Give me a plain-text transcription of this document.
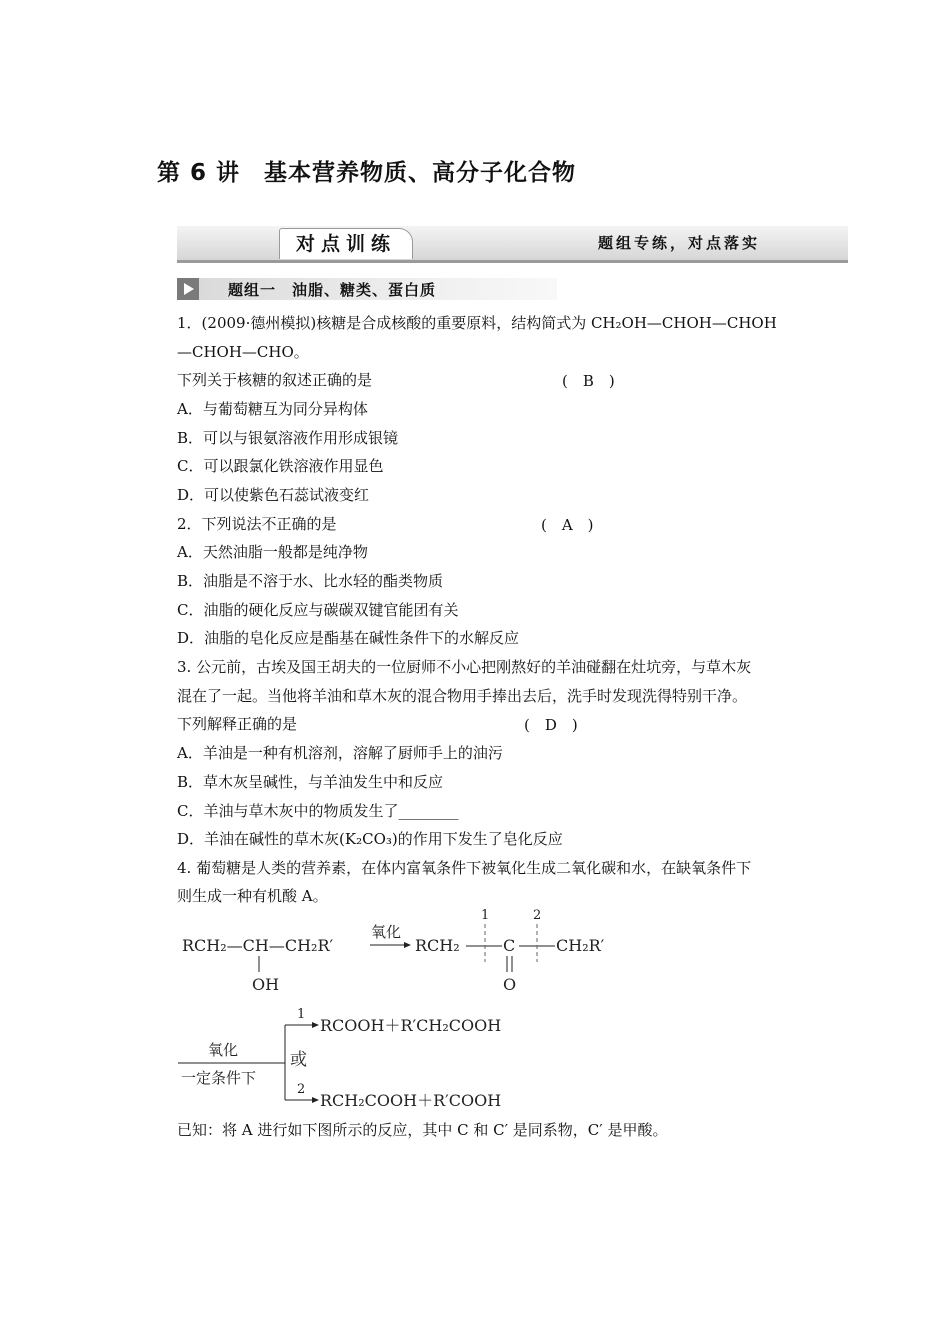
第 6 讲　基本营养物质、高分子化合物
对点训练	题组专练，对点落实
题组一　油脂、糖类、蛋白质
1．(2009·德州模拟)核糖是合成核酸的重要原料，结构简式为 CH₂OH—CHOH—CHOH
—CHOH—CHO。
下列关于核糖的叙述正确的是	(　B　)
A．与葡萄糖互为同分异构体
B．可以与银氨溶液作用形成银镜
C．可以跟氯化铁溶液作用显色
D．可以使紫色石蕊试液变红
2．下列说法不正确的是	(　A　)
A．天然油脂一般都是纯净物
B．油脂是不溶于水、比水轻的酯类物质
C．油脂的硬化反应与碳碳双键官能团有关
D．油脂的皂化反应是酯基在碱性条件下的水解反应
3. 公元前，古埃及国王胡夫的一位厨师不小心把刚熬好的羊油碰翻在灶坑旁，与草木灰
混在了一起。当他将羊油和草木灰的混合物用手捧出去后，洗手时发现洗得特别干净。
下列解释正确的是	(　D　)
A．羊油是一种有机溶剂，溶解了厨师手上的油污
B．草木灰呈碱性，与羊油发生中和反应
C．羊油与草木灰中的物质发生了________
D．羊油在碱性的草木灰(K₂CO₃)的作用下发生了皂化反应
4. 葡萄糖是人类的营养素，在体内富氧条件下被氧化生成二氧化碳和水，在缺氧条件下
则生成一种有机酸 A。
RCH₂—CH—CH₂R′
OH
氧化
RCH₂	C	CH₂R′
O
1	2
氧化
一定条件下
1
2
RCOOH＋R′CH₂COOH
或
RCH₂COOH＋R′COOH
已知：将 A 进行如下图所示的反应，其中 C 和 C′ 是同系物，C′ 是甲酸。
